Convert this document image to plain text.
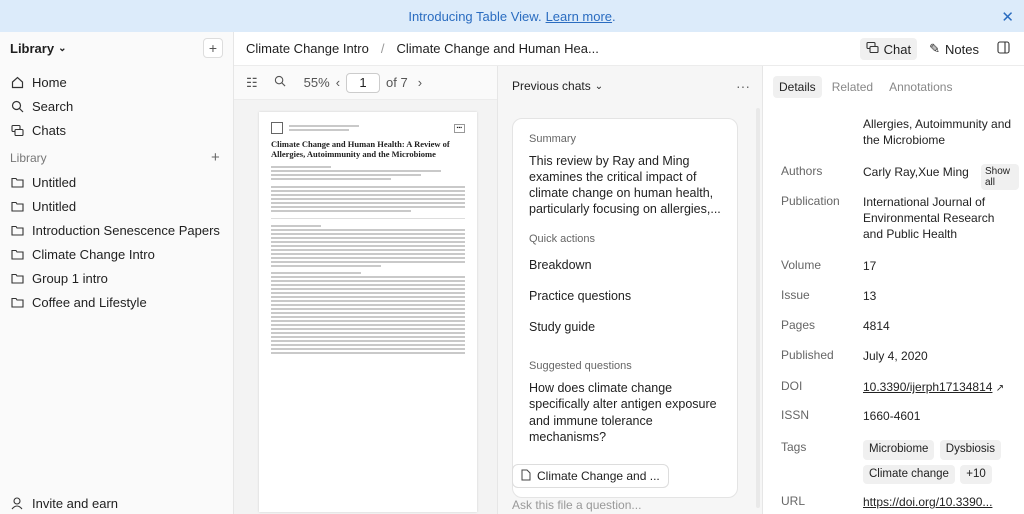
Introducing Table View. Learn more .	✕
Library ⌄	+
Home
Search
Chats
Library	+
Untitled
Untitled
Introduction Senescence Papers
Climate Change Intro
Group 1 intro
Coffee and Lifestyle
Invite and earn
Climate Change Intro / Climate Change and Human Hea...	Chat ✎ Notes
☷	55% ‹	1	of 7 ›
▪▪▪
Climate Change and Human Health: A Review of Allergies, Autoimmunity and the Microbiome
Previous chats ⌄	···
Summary
This review by Ray and Ming examines the critical impact of climate change on human health, particularly focusing on allergies,...
Quick actions
Breakdown
Practice questions
Study guide
Suggested questions
How does climate change specifically alter antigen exposure and immune tolerance mechanisms?
Climate Change and ...
Ask this file a question...
Details	Related	Annotations
Allergies, Autoimmunity and the Microbiome
Authors	Carly Ray,Xue Ming	Show all
Publication International Journal of Environmental Research and Public Health
Volume	17
Issue	13
Pages	4814
Published July 4, 2020
DOI	10.3390/ijerph17134814 ↗
ISSN	1660-4601
Tags	Microbiome Dysbiosis Climate change +10
URL	https://doi.org/10.3390...
